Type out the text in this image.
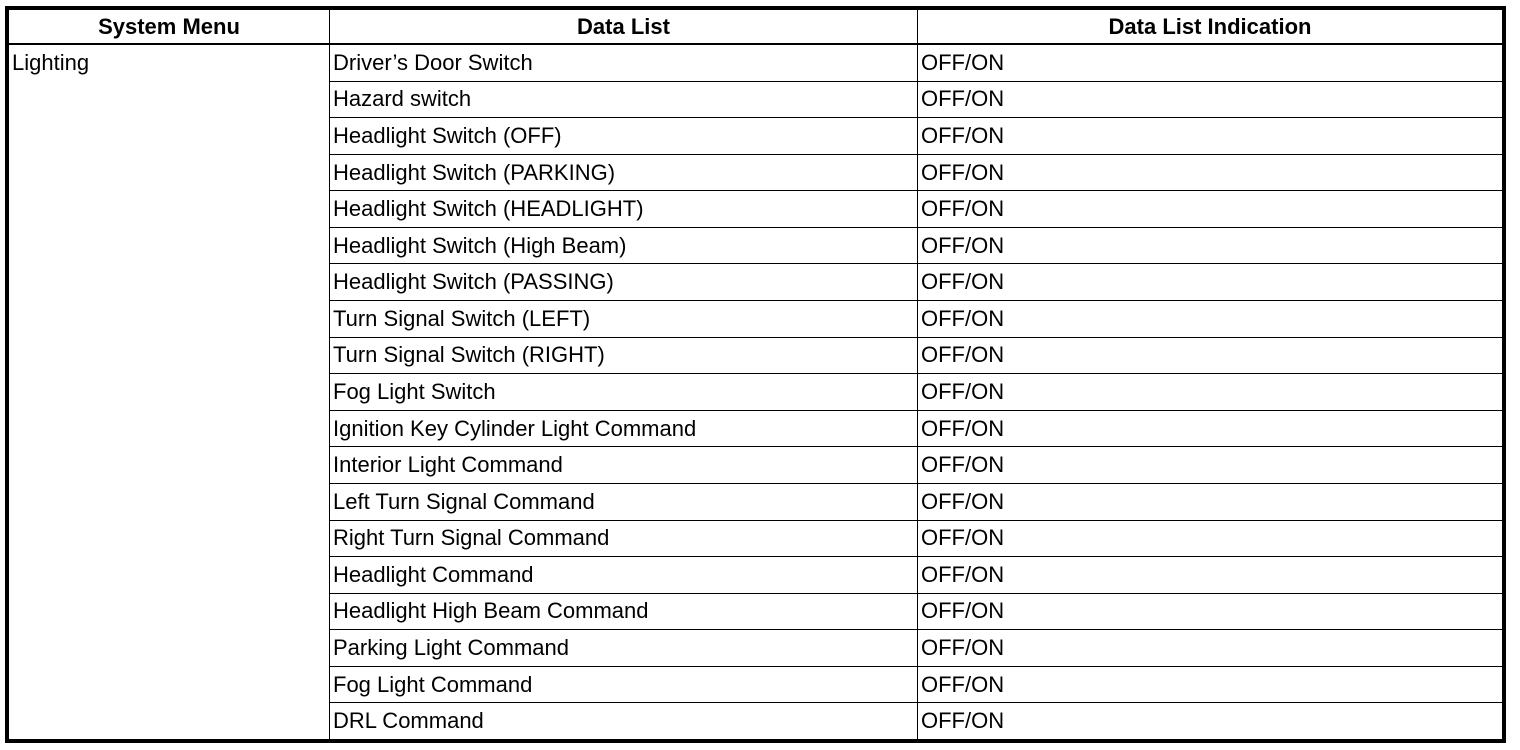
System Menu	Data List	Data List Indication

Lighting	Driver’s Door Switch	OFF/ON
	Hazard switch	OFF/ON
	Headlight Switch (OFF)	OFF/ON
	Headlight Switch (PARKING)	OFF/ON
	Headlight Switch (HEADLIGHT)	OFF/ON
	Headlight Switch (High Beam)	OFF/ON
	Headlight Switch (PASSING)	OFF/ON
	Turn Signal Switch (LEFT)	OFF/ON
	Turn Signal Switch (RIGHT)	OFF/ON
	Fog Light Switch	OFF/ON
	Ignition Key Cylinder Light Command	OFF/ON
	Interior Light Command	OFF/ON
	Left Turn Signal Command	OFF/ON
	Right Turn Signal Command	OFF/ON
	Headlight Command	OFF/ON
	Headlight High Beam Command	OFF/ON
	Parking Light Command	OFF/ON
	Fog Light Command	OFF/ON
	DRL Command	OFF/ON
